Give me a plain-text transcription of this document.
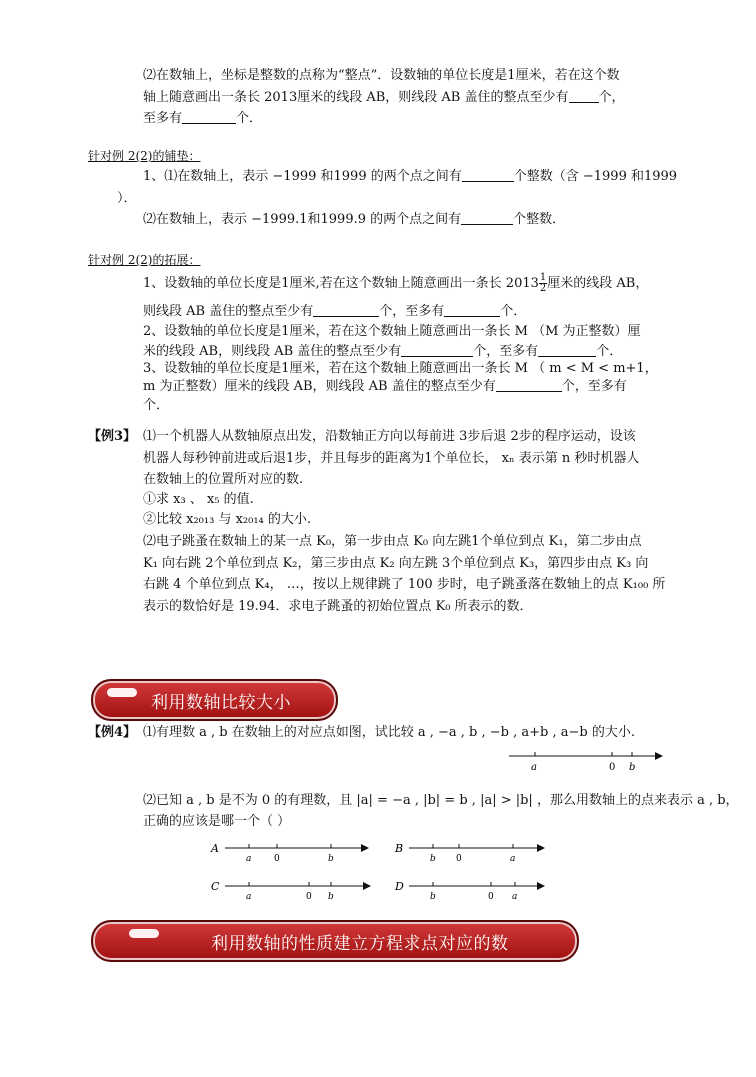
⑵在数轴上，坐标是整数的点称为“整点”．设数轴的单位长度是1厘米，若在这个数
轴上随意画出一条长 2013厘米的线段 AB，则线段 AB 盖住的整点至少有 个，
至多有	个．
针对例 2(2)的铺垫：
1、⑴在数轴上，表示 −1999 和1999 的两个点之间有	个整数（含 −1999 和1999
）．
⑵在数轴上，表示 −1999.1和1999.9 的两个点之间有	个整数．
针对例 2(2)的拓展：
1、设数轴的单位长度是1厘米,若在这个数轴上随意画出一条长 $2013 \frac{1}{2}$ 厘米的线段 AB，
则线段 AB 盖住的整点至少有	个，至多有	个．
2、设数轴的单位长度是1厘米，若在这个数轴上随意画出一条长 M （M 为正整数）厘
米的线段 AB，则线段 AB 盖住的整点至少有	个，至多有	个．
3、设数轴的单位长度是1厘米，若在这个数轴上随意画出一条长 M （ m < M < m+1，
m 为正整数）厘米的线段 AB，则线段 AB 盖住的整点至少有	个，至多有
个．
【例3】 ⑴一个机器人从数轴原点出发，沿数轴正方向以每前进 3步后退 2步的程序运动，设该
机器人每秒钟前进或后退1步，并且每步的距离为1个单位长， xₙ 表示第 n 秒时机器人
在数轴上的位置所对应的数.
①求 x₃ 、 x₅ 的值.
②比较 x₂₀₁₃ 与 x₂₀₁₄ 的大小.
⑵电子跳蚤在数轴上的某一点 K₀，第一步由点 K₀ 向左跳1个单位到点 K₁，第二步由点
K₁ 向右跳 2个单位到点 K₂，第三步由点 K₂ 向左跳 3个单位到点 K₃，第四步由点 K₃ 向
右跳 4 个单位到点 K₄， …，按以上规律跳了 100 步时，电子跳蚤落在数轴上的点 K₁₀₀ 所
表示的数恰好是 19.94．求电子跳蚤的初始位置点 K₀ 所表示的数．
利用数轴比较大小
【例4】 ⑴有理数 a , b 在数轴上的对应点如图，试比较 a , −a , b , −b , a+b , a−b 的大小.
a	0 b
⑵已知 a , b 是不为 0 的有理数，且 |a| = −a , |b| = b , |a| > |b| ，那么用数轴上的点来表示 a , b，
正确的应该是哪一个（ ）
A
a	0	b
B
b 0	a
C
a	0 b
D
b	0 a
利用数轴的性质建立方程求点对应的数
